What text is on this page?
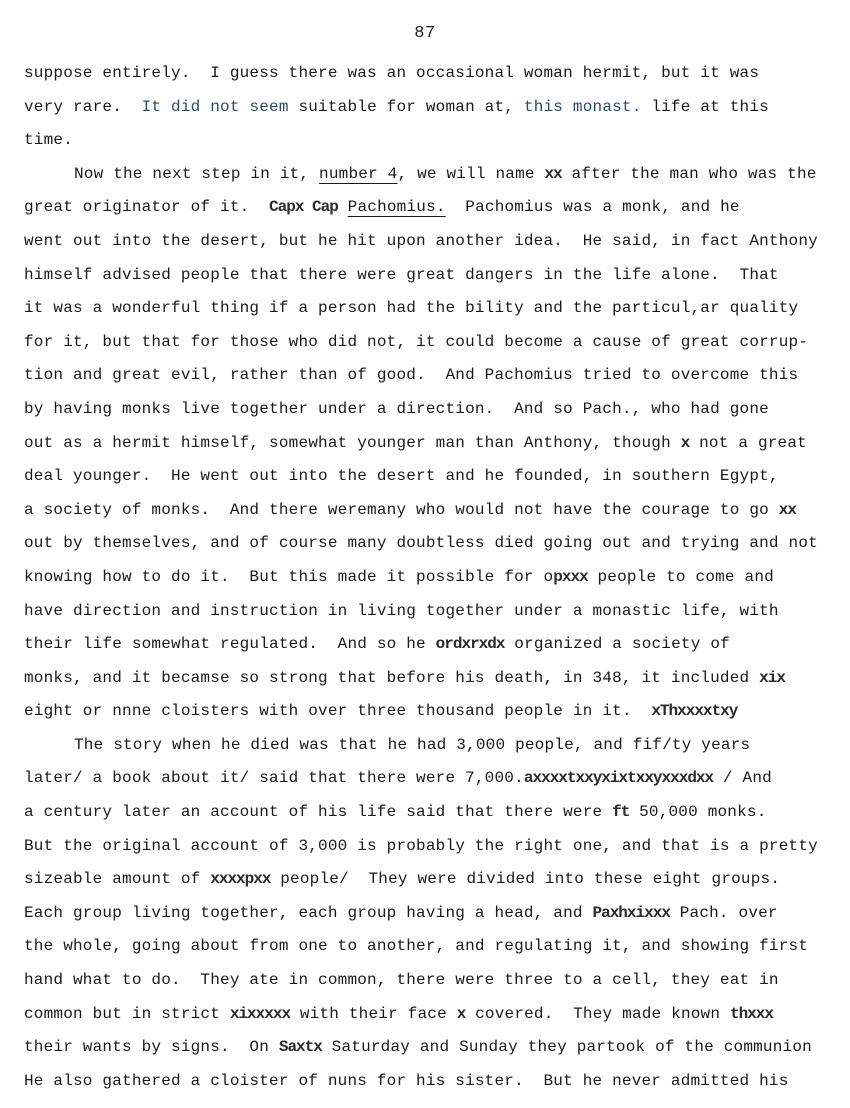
87
suppose entirely.  I guess there was an occasional woman hermit, but it was
very rare.  It did not seem suitable for woman at, this monast. life at this
time.
Now the next step in it, number 4, we will name xx after the man who was the
great originator of it.  Capx Cap Pachomius.  Pachomius was a monk, and he
went out into the desert, but he hit upon another idea.  He said, in fact Anthony
himself advised people that there were great dangers in the life alone.  That
it was a wonderful thing if a person had the bility and the particul,ar quality
for it, but that for those who did not, it could become a cause of great corrup-
tion and great evil, rather than of good.  And Pachomius tried to overcome this
by having monks live together under a direction.  And so Pach., who had gone
out as a hermit himself, somewhat younger man than Anthony, though x not a great
deal younger.  He went out into the desert and he founded, in southern Egypt,
a society of monks.  And there weremany who would not have the courage to go xx
out by themselves, and of course many doubtless died going out and trying and not
knowing how to do it.  But this made it possible for opxxx people to come and
have direction and instruction in living together under a monastic life, with
their life somewhat regulated.  And so he ordxrxdx organized a society of
monks, and it becamse so strong that before his death, in 348, it included xix
eight or nnne cloisters with over three thousand people in it.  xThxxxxtxy
The story when he died was that he had 3,000 people, and fif/ty years
later/ a book about it/ said that there were 7,000.axxxxtxxyxixtxxyxxxdxx / And
a century later an account of his life said that there were ft 50,000 monks.
But the original account of 3,000 is probably the right one, and that is a pretty
sizeable amount of xxxxpxx people/  They were divided into these eight groups.
Each group living together, each group having a head, and Paxhxixxx Pach. over
the whole, going about from one to another, and regulating it, and showing first
hand what to do.  They ate in common, there were three to a cell, they eat in
common but in strict xixxxxx with their face x covered.  They made known thxxx
their wants by signs.  On Saxtx Saturday and Sunday they partook of the communion
He also gathered a cloister of nuns for his sister.  But he never admitted his
